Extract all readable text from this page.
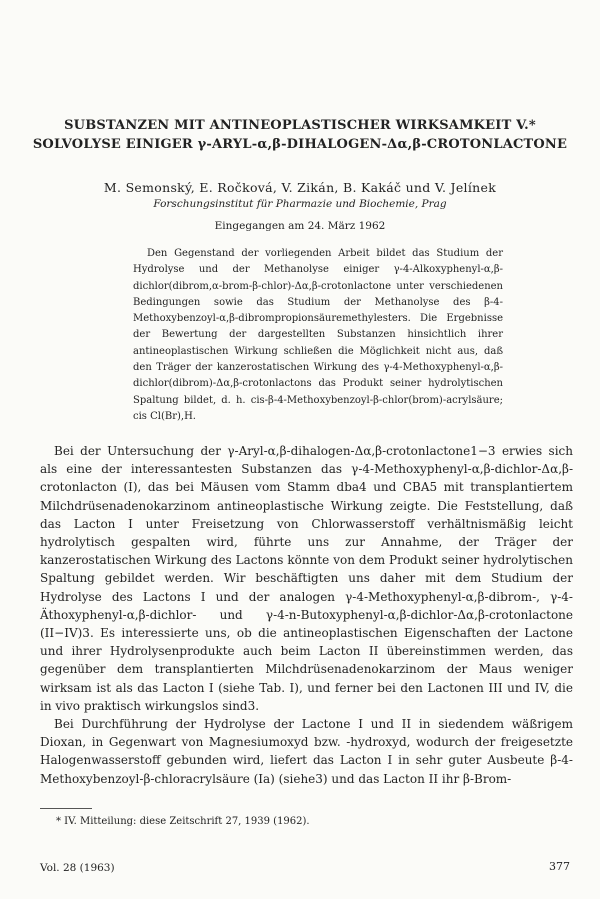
SUBSTANZEN MIT ANTINEOPLASTISCHER WIRKSAMKEIT V.*
SOLVOLYSE EINIGER γ-ARYL-α,β-DIHALOGEN-Δα,β-CROTONLACTONE
M. Semonský, E. Ročková, V. Zikán, B. Kakáč und V. Jelínek
Forschungsinstitut für Pharmazie und Biochemie, Prag
Eingegangen am 24. März 1962

Den Gegenstand der vorliegenden Arbeit bildet das Studium der Hydrolyse und der Methanolyse einiger γ-4-Alkoxyphenyl-α,β-dichlor(dibrom,α-brom-β-chlor)-Δα,β-crotonlactone unter verschiedenen Bedingungen sowie das Studium der Methanolyse des β-4-Methoxybenzoyl-α,β-dibrompropionsäuremethylesters. Die Ergebnisse der Bewertung der dargestellten Substanzen hinsichtlich ihrer antineoplastischen Wirkung schließen die Möglichkeit nicht aus, daß den Träger der kanzerostatischen Wirkung des γ-4-Methoxyphenyl-α,β-dichlor(dibrom)-Δα,β-crotonlactons das Produkt seiner hydrolytischen Spaltung bildet, d. h. cis-β-4-Methoxybenzoyl-β-chlor(brom)-acrylsäure; cis Cl(Br),H.

Bei der Untersuchung der γ-Aryl-α,β-dihalogen-Δα,β-crotonlactone1−3 erwies sich als eine der interessantesten Substanzen das γ-4-Methoxyphenyl-α,β-dichlor-Δα,β-crotonlacton (I), das bei Mäusen vom Stamm dba4 und CBA5 mit transplantiertem Milchdrüsenadenokarzinom antineoplastische Wirkung zeigte. Die Feststellung, daß das Lacton I unter Freisetzung von Chlorwasserstoff verhältnismäßig leicht hydrolytisch gespalten wird, führte uns zur Annahme, der Träger der kanzerostatischen Wirkung des Lactons könnte von dem Produkt seiner hydrolytischen Spaltung gebildet werden. Wir beschäftigten uns daher mit dem Studium der Hydrolyse des Lactons I und der analogen γ-4-Methoxyphenyl-α,β-dibrom-, γ-4-Äthoxyphenyl-α,β-dichlor- und γ-4-n-Butoxyphenyl-α,β-dichlor-Δα,β-crotonlactone (II−IV)3. Es interessierte uns, ob die antineoplastischen Eigenschaften der Lactone und ihrer Hydrolysenprodukte auch beim Lacton II übereinstimmen werden, das gegenüber dem transplantierten Milchdrüsenadenokarzinom der Maus weniger wirksam ist als das Lacton I (siehe Tab. I), und ferner bei den Lactonen III und IV, die in vivo praktisch wirkungslos sind3.

Bei Durchführung der Hydrolyse der Lactone I und II in siedendem wäßrigem Dioxan, in Gegenwart von Magnesiumoxyd bzw. -hydroxyd, wodurch der freigesetzte Halogenwasserstoff gebunden wird, liefert das Lacton I in sehr guter Ausbeute β-4-Methoxybenzoyl-β-chloracrylsäure (Ia) (siehe3) und das Lacton II ihr β-Brom-

* IV. Mitteilung: diese Zeitschrift 27, 1939 (1962).
Vol. 28 (1963)	377
